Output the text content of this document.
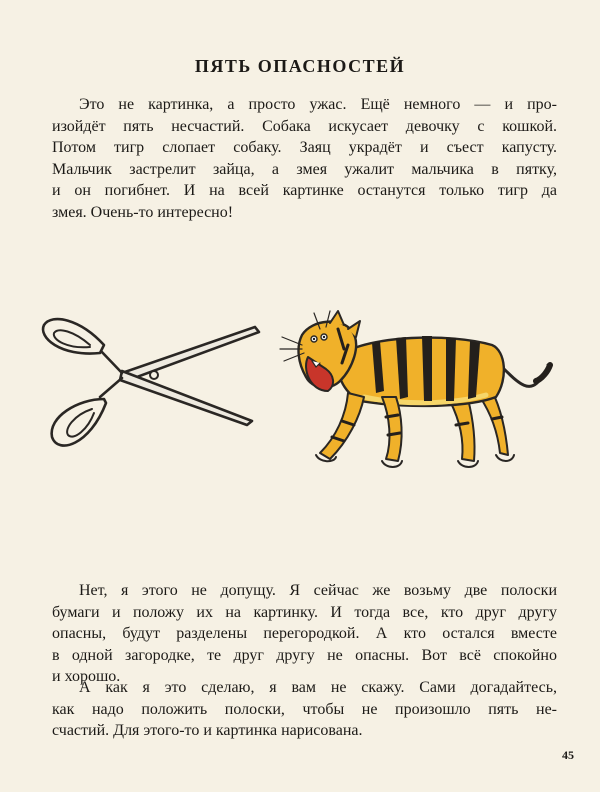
ПЯТЬ ОПАСНОСТЕЙ
Это не картинка, а просто ужас. Ещё немного — и про-
изойдёт пять несчастий. Собака искусает девочку с кошкой.
Потом тигр слопает собаку. Заяц украдёт и съест капусту.
Мальчик застрелит зайца, а змея ужалит мальчика в пятку,
и он погибнет. И на всей картинке останутся только тигр да
змея. Очень-то интересно!
Нет, я этого не допущу. Я сейчас же возьму две полоски
бумаги и положу их на картинку. И тогда все, кто друг другу
опасны, будут разделены перегородкой. А кто остался вместе
в одной загородке, те друг другу не опасны. Вот всё спокойно
и хорошо.
А как я это сделаю, я вам не скажу. Сами догадайтесь,
как надо положить полоски, чтобы не произошло пять не-
счастий. Для этого-то и картинка нарисована.
45
